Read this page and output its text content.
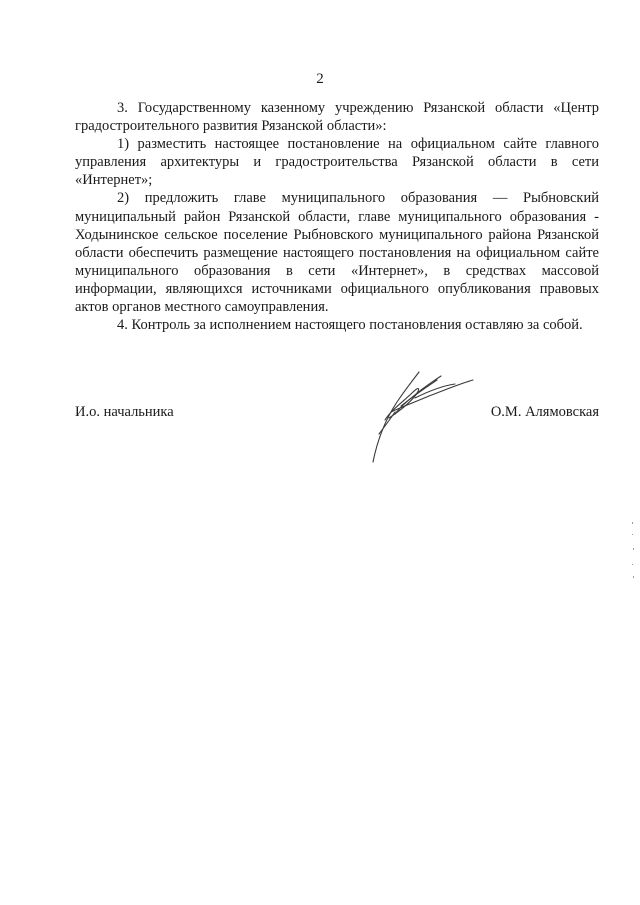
2

3. Государственному казенному учреждению Рязанской области «Центр градостроительного развития Рязанской области»:

1) разместить настоящее постановление на официальном сайте главного управления архитектуры и градостроительства Рязанской области в сети «Интернет»;

2) предложить главе муниципального образования — Рыбновский муниципальный район Рязанской области, главе муниципального образования - Ходынинское сельское поселение Рыбновского муниципального района Рязанской области обеспечить размещение настоящего постановления на официальном сайте муниципального образования в сети «Интернет», в средствах массовой информации, являющихся источниками официального опубликования правовых актов органов местного самоуправления.

4. Контроль за исполнением настоящего постановления оставляю за собой.

И.о. начальника	О.М. Алямовская
